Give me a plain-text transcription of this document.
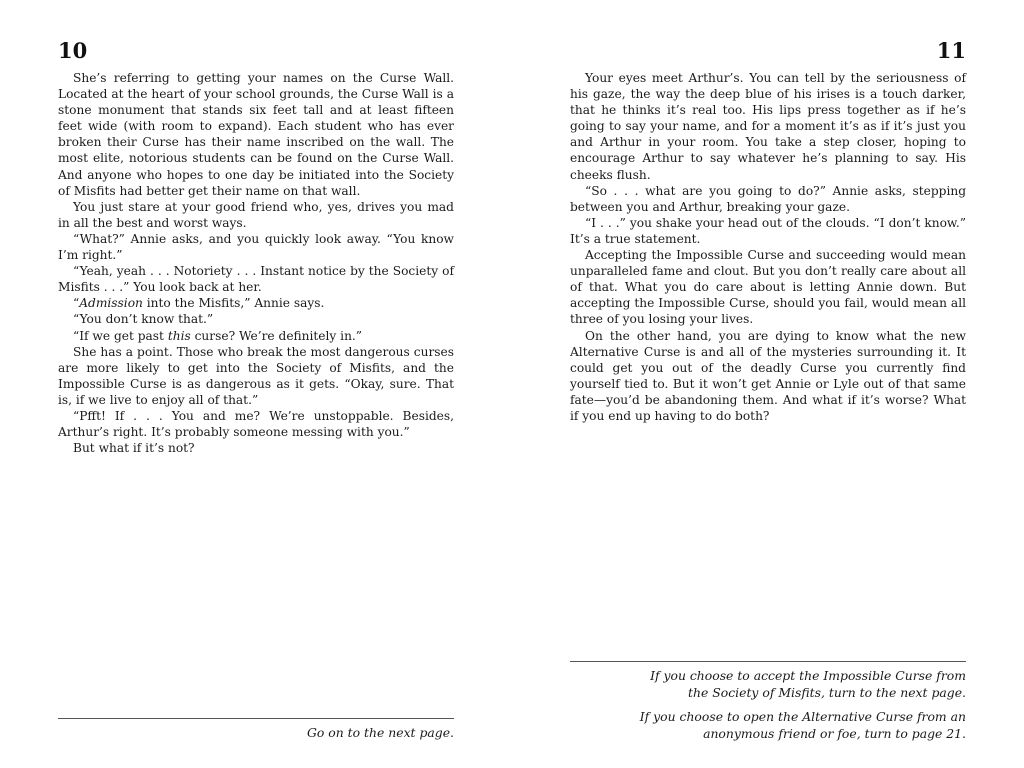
10

She’s referring to getting your names on the Curse Wall. Located at the heart of your school grounds, the Curse Wall is a stone monument that stands six feet tall and at least fifteen feet wide (with room to expand). Each student who has ever broken their Curse has their name inscribed on the wall. The most elite, notorious students can be found on the Curse Wall. And anyone who hopes to one day be initiated into the Society of Misfits had better get their name on that wall.

You just stare at your good friend who, yes, drives you mad in all the best and worst ways.

“What?” Annie asks, and you quickly look away. “You know I’m right.”

“Yeah, yeah . . . Notoriety . . . Instant notice by the Society of Misfits . . .” You look back at her.

“Admission into the Misfits,” Annie says.

“You don’t know that.”

“If we get past this curse? We’re definitely in.”

She has a point. Those who break the most dangerous curses are more likely to get into the Society of Misfits, and the Impossible Curse is as dangerous as it gets. “Okay, sure. That is, if we live to enjoy all of that.”

“Pfft! If . . . You and me? We’re unstoppable. Besides, Arthur’s right. It’s probably someone messing with you.”

But what if it’s not?

Go on to the next page.
11

Your eyes meet Arthur’s. You can tell by the seriousness of his gaze, the way the deep blue of his irises is a touch darker, that he thinks it’s real too. His lips press together as if he’s going to say your name, and for a moment it’s as if it’s just you and Arthur in your room. You take a step closer, hoping to encourage Arthur to say whatever he’s planning to say. His cheeks flush.

“So . . . what are you going to do?” Annie asks, stepping between you and Arthur, breaking your gaze.

“I . . .” you shake your head out of the clouds. “I don’t know.” It’s a true statement.

Accepting the Impossible Curse and succeeding would mean unparalleled fame and clout. But you don’t really care about all of that. What you do care about is letting Annie down. But accepting the Impossible Curse, should you fail, would mean all three of you losing your lives.

On the other hand, you are dying to know what the new Alternative Curse is and all of the mysteries surrounding it. It could get you out of the deadly Curse you currently find yourself tied to. But it won’t get Annie or Lyle out of that same fate—you’d be abandoning them. And what if it’s worse? What if you end up having to do both?

If you choose to accept the Impossible Curse from
the Society of Misfits, turn to the next page.
If you choose to open the Alternative Curse from an
anonymous friend or foe, turn to page 21.
